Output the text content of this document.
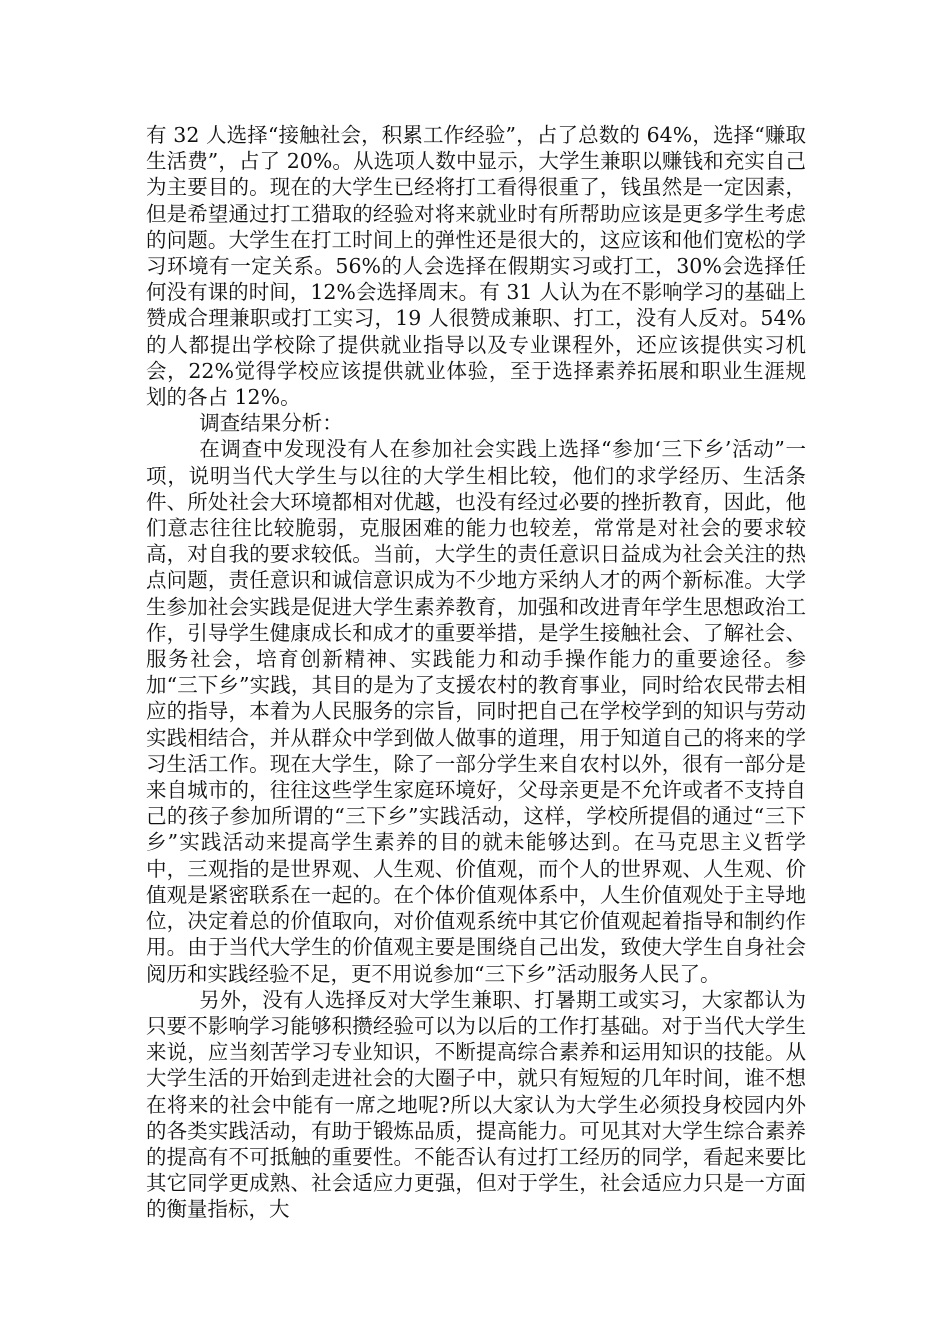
有 32 人选择“接触社会，积累工作经验”，占了总数的 64%，选择“赚取生活费”，占了 20%。从选项人数中显示，大学生兼职以赚钱和充实自己为主要目的。现在的大学生已经将打工看得很重了，钱虽然是一定因素，但是希望通过打工猎取的经验对将来就业时有所帮助应该是更多学生考虑的问题。大学生在打工时间上的弹性还是很大的，这应该和他们宽松的学习环境有一定关系。56%的人会选择在假期实习或打工，30%会选择任何没有课的时间，12%会选择周末。有 31 人认为在不影响学习的基础上赞成合理兼职或打工实习，19 人很赞成兼职、打工，没有人反对。54%的人都提出学校除了提供就业指导以及专业课程外，还应该提供实习机会，22%觉得学校应该提供就业体验，至于选择素养拓展和职业生涯规划的各占 12%。

调查结果分析：

在调查中发现没有人在参加社会实践上选择“参加‘三下乡’活动”一项，说明当代大学生与以往的大学生相比较，他们的求学经历、生活条件、所处社会大环境都相对优越，也没有经过必要的挫折教育，因此，他们意志往往比较脆弱，克服困难的能力也较差，常常是对社会的要求较高，对自我的要求较低。当前，大学生的责任意识日益成为社会关注的热点问题，责任意识和诚信意识成为不少地方采纳人才的两个新标准。大学生参加社会实践是促进大学生素养教育，加强和改进青年学生思想政治工作，引导学生健康成长和成才的重要举措，是学生接触社会、了解社会、服务社会，培育创新精神、实践能力和动手操作能力的重要途径。参加“三下乡”实践，其目的是为了支援农村的教育事业，同时给农民带去相应的指导，本着为人民服务的宗旨，同时把自己在学校学到的知识与劳动实践相结合，并从群众中学到做人做事的道理，用于知道自己的将来的学习生活工作。现在大学生，除了一部分学生来自农村以外，很有一部分是来自城市的，往往这些学生家庭环境好，父母亲更是不允许或者不支持自己的孩子参加所谓的“三下乡”实践活动，这样，学校所提倡的通过“三下乡”实践活动来提高学生素养的目的就未能够达到。在马克思主义哲学中，三观指的是世界观、人生观、价值观，而个人的世界观、人生观、价值观是紧密联系在一起的。在个体价值观体系中，人生价值观处于主导地位，决定着总的价值取向，对价值观系统中其它价值观起着指导和制约作用。由于当代大学生的价值观主要是围绕自己出发，致使大学生自身社会阅历和实践经验不足，更不用说参加“三下乡”活动服务人民了。

另外，没有人选择反对大学生兼职、打暑期工或实习，大家都认为只要不影响学习能够积攒经验可以为以后的工作打基础。对于当代大学生来说，应当刻苦学习专业知识，不断提高综合素养和运用知识的技能。从大学生活的开始到走进社会的大圈子中，就只有短短的几年时间，谁不想在将来的社会中能有一席之地呢?所以大家认为大学生必须投身校园内外的各类实践活动，有助于锻炼品质，提高能力。可见其对大学生综合素养的提高有不可抵触的重要性。不能否认有过打工经历的同学，看起来要比其它同学更成熟、社会适应力更强，但对于学生，社会适应力只是一方面的衡量指标，大
